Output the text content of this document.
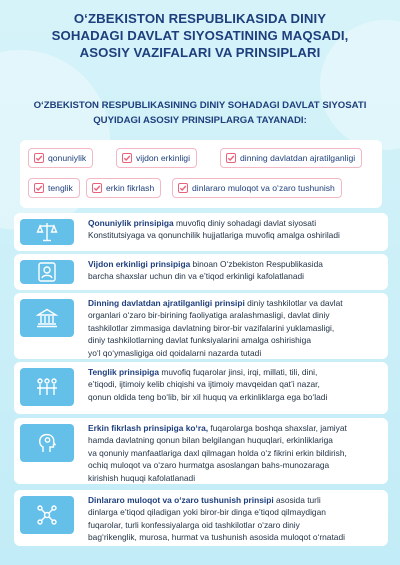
O‘ZBEKISTON RESPUBLIKASIDA DINIY
SOHADAGI DAVLAT SIYOSATINING MAQSADI,
ASOSIY VAZIFALARI VA PRINSIPLARI
O‘ZBEKISTON RESPUBLIKASINING DINIY SOHADAGI DAVLAT SIYOSATI
QUYIDAGI ASOSIY PRINSIPLARGA TAYANADI:
qonuniylik	vijdon erkinligi	dinning davlatdan ajratilganligi
tenglik	erkin fikrlash	dinlararo muloqot va o‘zaro tushunish
Qonuniylik prinsipiga muvofiq diniy sohadagi davlat siyosati
Konstitutsiyaga va qonunchilik hujjatlariga muvofiq amalga oshiriladi
Vijdon erkinligi prinsipiga binoan O‘zbekiston Respublikasida
barcha shaxslar uchun din va e’tiqod erkinligi kafolatlanadi
Dinning davlatdan ajratilganligi prinsipi diniy tashkilotlar va davlat
organlari o‘zaro bir-birining faoliyatiga aralashmasligi, davlat diniy
tashkilotlar zimmasiga davlatning biror-bir vazifalarini yuklamasligi,
diniy tashkilotlarning davlat funksiyalarini amalga oshirishiga
yo‘l qo‘ymasligiga oid qoidalarni nazarda tutadi
Tenglik prinsipiga muvofiq fuqarolar jinsi, irqi, millati, tili, dini,
e’tiqodi, ijtimoiy kelib chiqishi va ijtimoiy mavqeidan qat’i nazar,
qonun oldida teng bo‘lib, bir xil huquq va erkinliklarga ega bo‘ladi
Erkin fikrlash prinsipiga ko‘ra, fuqarolarga boshqa shaxslar, jamiyat
hamda davlatning qonun bilan belgilangan huquqlari, erkinliklariga
va qonuniy manfaatlariga daxl qilmagan holda o‘z fikrini erkin bildirish,
ochiq muloqot va o‘zaro hurmatga asoslangan bahs-munozaraga
kirishish huquqi kafolatlanadi
Dinlararo muloqot va o‘zaro tushunish prinsipi asosida turli
dinlarga e’tiqod qiladigan yoki biror-bir dinga e’tiqod qilmaydigan
fuqarolar, turli konfessiyalarga oid tashkilotlar o‘zaro diniy
bag‘rikenglik, murosa, hurmat va tushunish asosida muloqot o‘rnatadi
